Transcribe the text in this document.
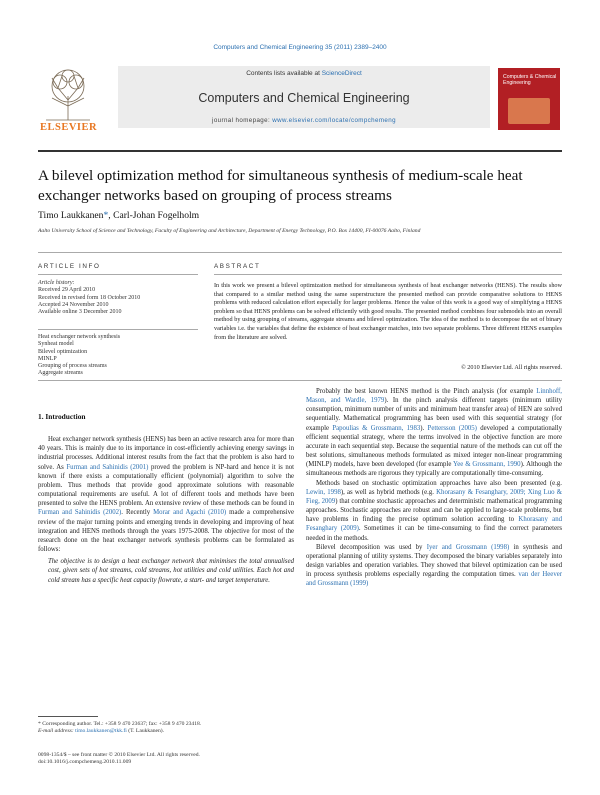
Computers and Chemical Engineering 35 (2011) 2389–2400
ELSEVIER
Contents lists available at ScienceDirect
Computers and Chemical Engineering
journal homepage: www.elsevier.com/locate/compchemeng
Computers & Chemical Engineering
A bilevel optimization method for simultaneous synthesis of medium-scale heat exchanger networks based on grouping of process streams
Timo Laukkanen*, Carl-Johan Fogelholm
Aalto University School of Science and Technology, Faculty of Engineering and Architecture, Department of Energy Technology, P.O. Box 14400, FI-00076 Aalto, Finland
ARTICLE INFO
Article history:
Received 29 April 2010
Received in revised form 18 October 2010
Accepted 24 November 2010
Available online 3 December 2010
Heat exchanger network synthesis
Synheat model
Bilevel optimization
MINLP
Grouping of process streams
Aggregate streams
ABSTRACT
In this work we present a bilevel optimization method for simultaneous synthesis of heat exchanger networks (HENS). The results show that compared to a similar method using the same superstructure the presented method can provide comparative solutions to HENS problems with reduced calculation effort especially for larger problems. Hence the value of this work is a good way of simplifying a HENS problem so that HENS problems can be solved efficiently with good results. The presented method combines four submodels into an overall method by using grouping of streams, aggregate streams and bilevel optimization. The idea of the method is to decompose the set of binary variables i.e. the variables that define the existence of heat exchanger matches, into two separate problems. Three different HENS examples from the literature are solved.
© 2010 Elsevier Ltd. All rights reserved.
1. Introduction

Heat exchanger network synthesis (HENS) has been an active research area for more than 40 years. This is mainly due to its importance in cost-efficiently achieving energy savings in industrial processes. Additional interest results from the fact that the problem is also hard to solve. As Furman and Sahinidis (2001) proved the problem is NP-hard and hence it is not known if there exists a computationally efficient (polynomial) algorithm to solve the problem. Thus methods that provide good approximate solutions with reasonable computational requirements are useful. A lot of different tools and methods have been presented to solve the HENS problem. An extensive review of these methods can be found in Furman and Sahinidis (2002). Recently Morar and Agachi (2010) made a comprehensive review of the major turning points and emerging trends in developing and improving of heat integration and HENS methods through the years 1975-2008. The objective for most of the research done on the heat exchanger network synthesis problems can be formulated as follows:

The objective is to design a heat exchanger network that minimises the total annualised cost, given sets of hot streams, cold streams, hot utilities and cold utilities. Each hot and cold stream has a specific heat capacity flowrate, a start- and target temperature.

Probably the best known HENS method is the Pinch analysis (for example Linnhoff, Mason, and Wardle, 1979). In the pinch analysis different targets (minimum utility consumption, minimum number of units and minimum heat transfer area) of HEN are solved sequentially. Mathematical programming has been used with this sequential strategy (for example Papoulias & Grossmann, 1983). Pettersson (2005) developed a computationally efficient sequential strategy, where the terms involved in the objective function are more accurate in each sequential step. Because the sequential nature of the methods can cut off the best solutions, simultaneous methods formulated as mixed integer non-linear programming (MINLP) models, have been developed (for example Yee & Grossmann, 1990). Although the simultaneous methods are rigorous they typically are computationally time-consuming.

Methods based on stochastic optimization approaches have also been presented (e.g. Lewin, 1998), as well as hybrid methods (e.g. Khorasany & Fesanghary, 2009; Xing Luo & Fieg, 2009) that combine stochastic approaches and deterministic mathematical programming approaches. Stochastic approaches are robust and can be applied to large-scale problems, but have problems in finding the precise optimum solution according to Khorasany and Fesanghary (2009). Sometimes it can be time-consuming to find the correct parameters needed in the methods.

Bilevel decomposition was used by Iyer and Grossmann (1998) in synthesis and operational planning of utility systems. They decomposed the binary variables separately into design variables and operation variables. They showed that bilevel optimization can be used in process synthesis problems especially regarding the computation times. van der Heever and Grossmann (1999)

* Corresponding author. Tel.: +358 9 470 23637; fax: +358 9 470 23418.
E-mail address: timo.laukkanen@tkk.fi (T. Laukkanen).
0098-1354/$ – see front matter © 2010 Elsevier Ltd. All rights reserved.
doi:10.1016/j.compchemeng.2010.11.009
